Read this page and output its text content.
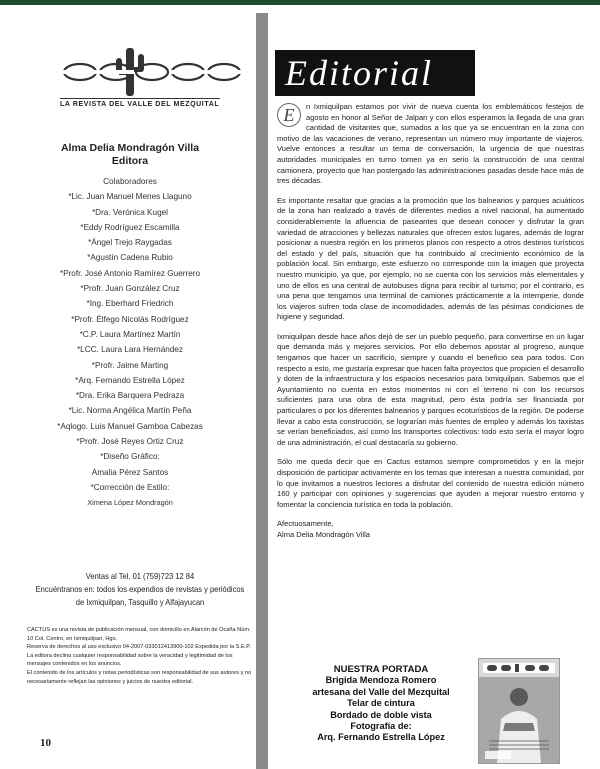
LA REVISTA DEL VALLE DEL MEZQUITAL
Alma Delia Mondragón Villa
Editora
Colaboradores
*Lic. Juan Manuel Menes Llaguno
*Dra. Verónica Kugel
*Eddy Rodríguez Escamilla
*Ángel Trejo Raygadas
*Agustín Cadena Rubio
*Profr. José Antonio Ramírez Guerrero
*Profr. Juan González Cruz
*Ing. Eberhard Friedrich
*Profr. Élfego Nicolás Rodríguez
*C.P. Laura Martínez Martín
*LCC. Laura Lara Hernández
*Profr. Jaime Marting
*Arq. Fernando Estrella López
*Dra. Erika Barquera Pedraza
*Lic. Norma Angélica Martín Peña
*Aqlogo. Luis Manuel Gamboa Cabezas
*Profr. José Reyes Ortiz Cruz
*Diseño Gráfico:
Amalia Pérez Santos
*Corrección de Estilo:
Ximena López Mondragón
Ventas al Tel. 01 (759)723 12 84
Encuéntranos en: todos los expendios de revistas y periódicos
de Ixmiquilpan, Tasquillo y Alfajayucan

CACTUS es una revista de publicación mensual, con domicilio en Alarcón de Ocaña Núm. 10 Col. Centro, en Ixmiquilpan, Hgo.

Reserva de derechos al uso exclusivo 04-2007-033012413900-102 Expedida por la S.E.P.

La editora declina cualquier responsabilidad sobre la veracidad y legitimidad de los mensajes contenidos en los anuncios.

El contenido de los artículos y notas periodísticas son responsabilidad de sus autores y no necesariamente reflejan las opiniones y juicios de nuestra editorial.

10
Editorial

E	n Ixmiquilpan estamos por vivir de nueva cuenta los emblemáticos festejos de agosto en honor al Señor de Jalpan y con ellos esperamos la llegada de una gran cantidad de visitantes que, sumados a los que ya se encuentran en la zona con motivo de las vacaciones de verano, representan un número muy importante de viajeros. Vuelve entonces a resultar un tema de conversación, la urgencia de que nuestras autoridades municipales en turno tomen ya en serio la construcción de una central camionera, proyecto que han postergado las administraciones pasadas desde hace más de tres décadas.

Es importante resaltar que gracias a la promoción que los balnearios y parques acuáticos de la zona han realizado a través de diferentes medios a nivel nacional, ha aumentado considerablemente la afluencia de paseantes que desean conocer y disfrutar la gran variedad de atracciones y bellezas naturales que ofrecen estos lugares, además de lograr posicionar a nuestra región en los primeros planos con respecto a otros destinos turísticos del estado y del país, situación que ha contribuido al crecimiento económico de la población local. Sin embargo, este esfuerzo no corresponde con la imagen que proyecta nuestro municipio, ya que, por ejemplo, no se cuenta con los servicios más elementales y uno de ellos es una central de autobuses digna para recibir al turismo; por el contrario, es una pena que tengamos una terminal de camiones prácticamente a la intemperie, donde los viajeros sufren toda clase de incomodidades, además de las pésimas condiciones de higiene y seguridad.

Ixmiquilpan desde hace años dejó de ser un pueblo pequeño, para convertirse en un lugar que demanda más y mejores servicios. Por ello debemos apostar al progreso, aunque tengamos que hacer un sacrificio, siempre y cuando el beneficio sea para todos. Con respecto a esto, me gustaría expresar que hacen falta proyectos que propicien el desarrollo y doten de la infraestructura y los espacios necesarios para Ixmiquilpan. Sabemos que el Ayuntamiento no cuenta en estos momentos ni con el terreno ni con los recursos suficientes para una obra de esta magnitud, pero ésta podría ser financiada por particulares o por los diferentes balnearios y parques ecoturísticos de la región. De poderse llevar a cabo esta construcción, se lograrían más fuentes de empleo y además los taxistas se verían beneficiados, así como los transportes colectivos: todo esto sería el mayor logro de una administración, el cual destacaría su gobierno.

Sólo me queda decir que en Cactus estamos siempre comprometidos y en la mejor disposición de participar activamente en los temas que interesan a nuestra comunidad, por lo que invitamos a nuestros lectores a disfrutar del contenido de nuestra edición número 160 y participar con opiniones y sugerencias que ayuden a mejorar nuestro entorno y fomentar la conciencia turística en toda la población.

Afectuosamente,
Alma Delia Mondragón Villa
NUESTRA PORTADA
Brigida Mendoza Romero
artesana del Valle del Mezquital
Telar de cintura
Bordado de doble vista
Fotografía de:
Arq. Fernando Estrella López
